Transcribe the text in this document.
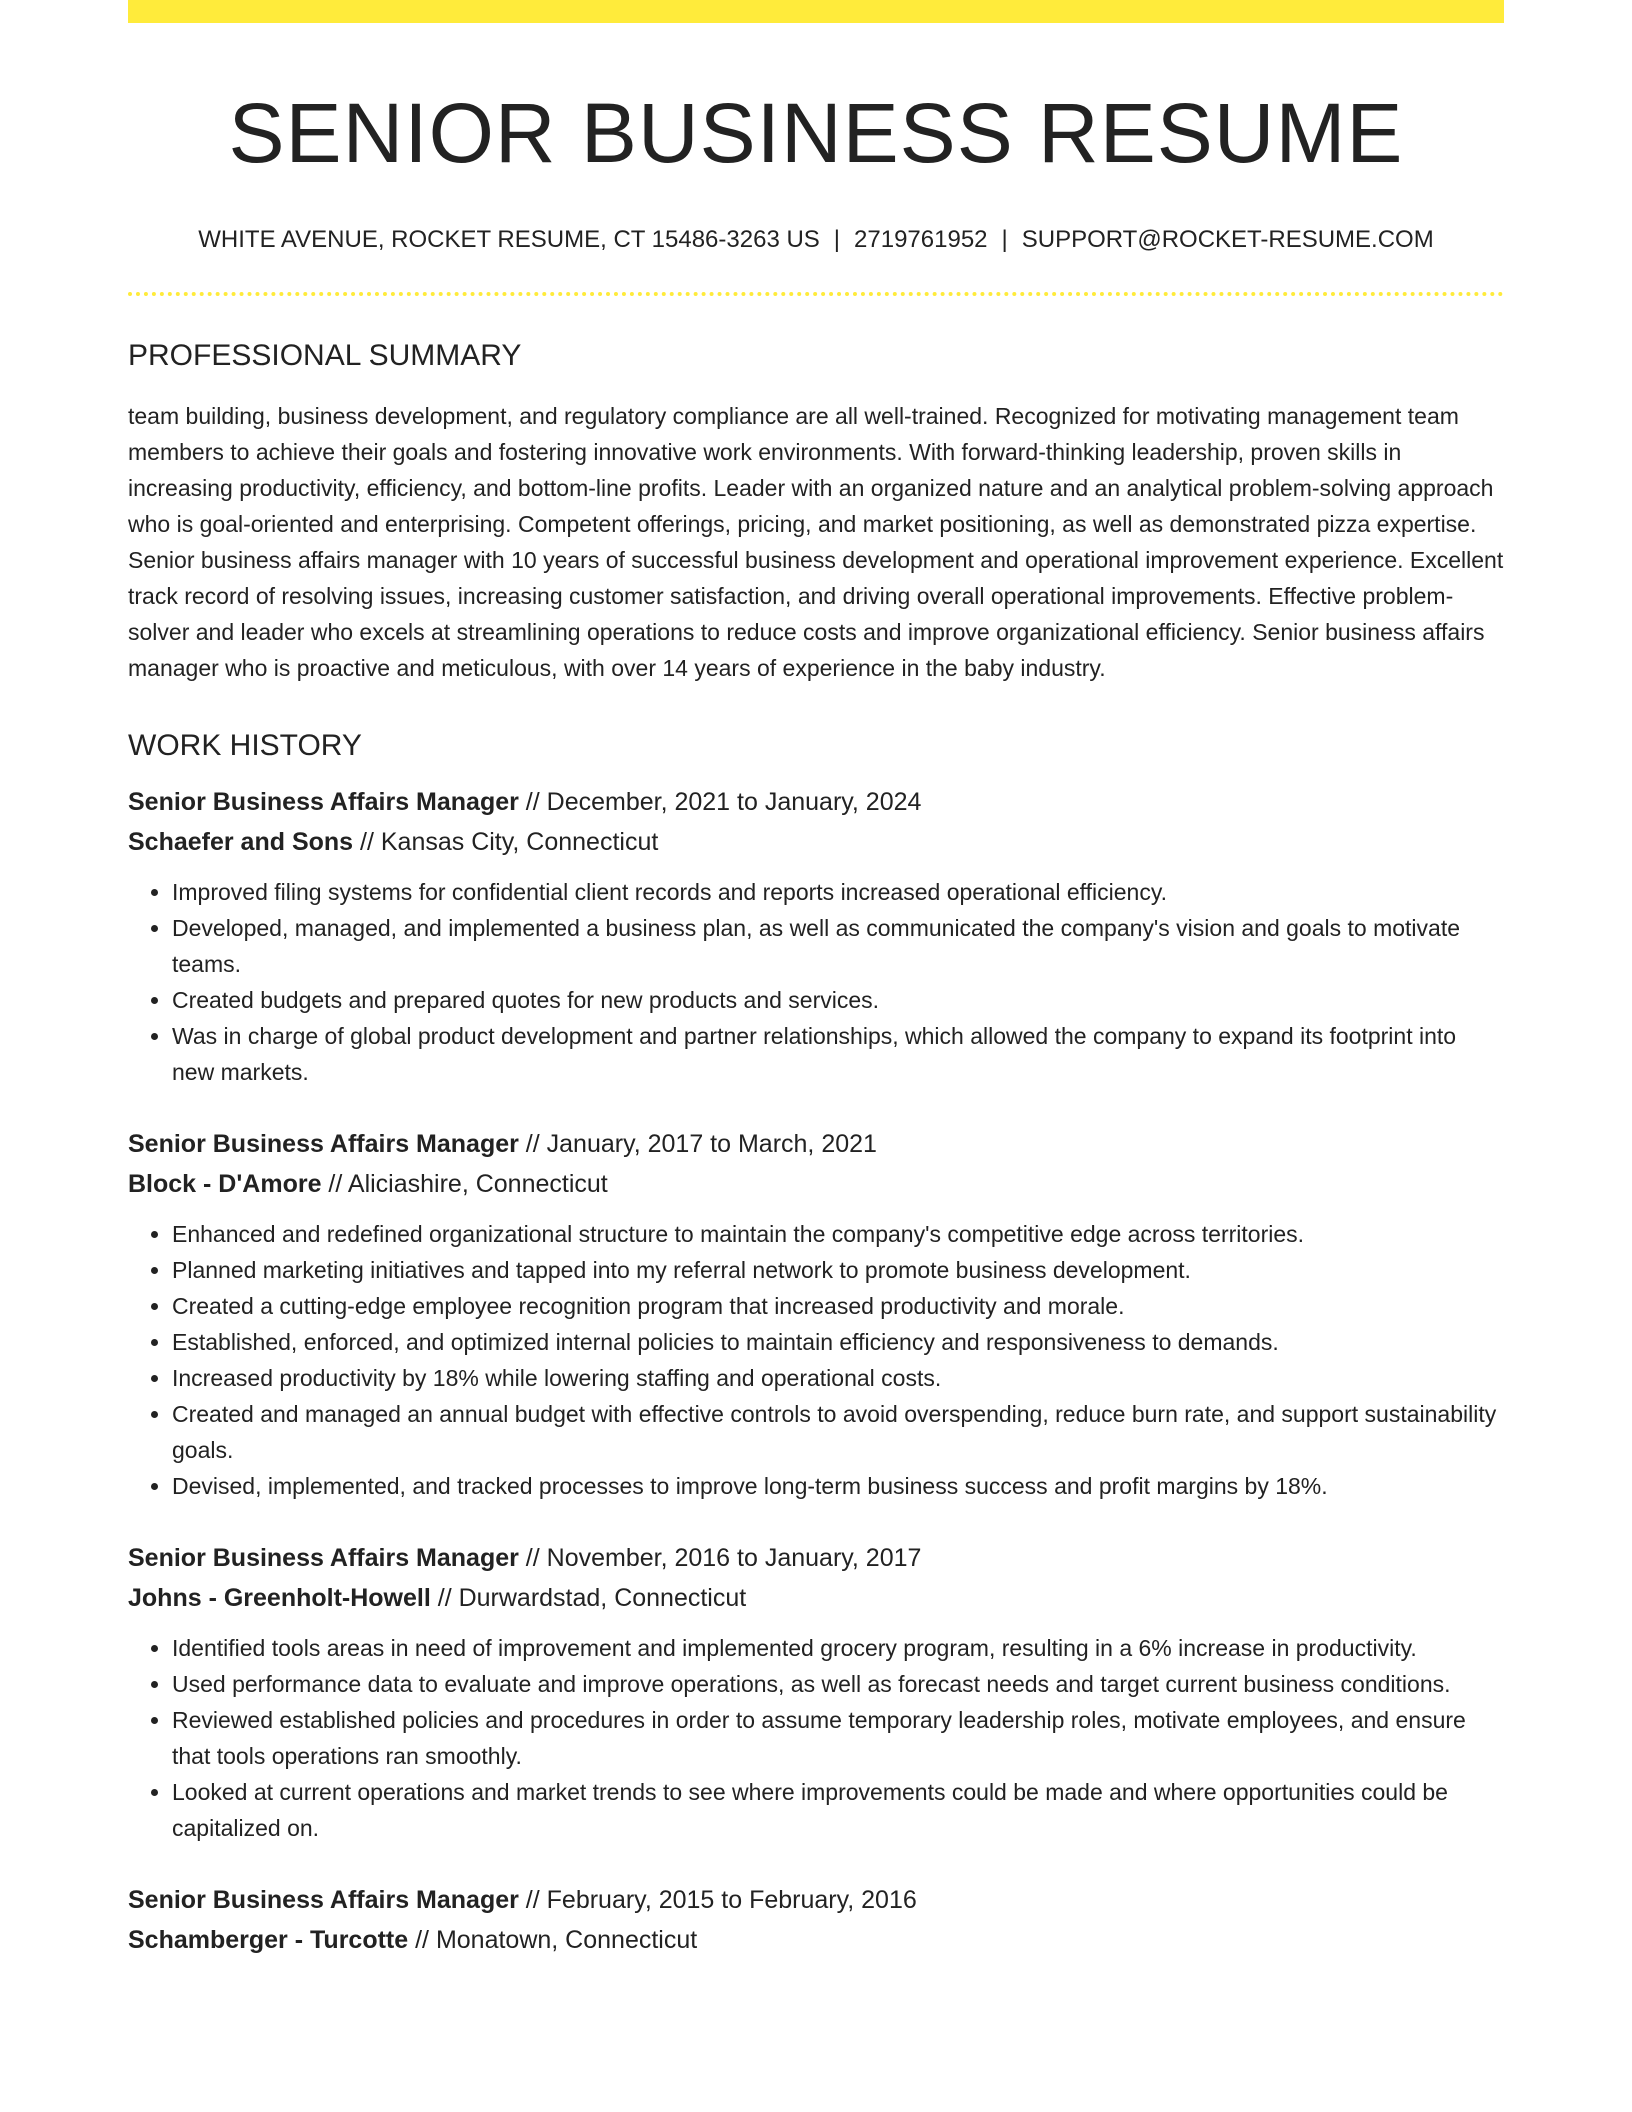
SENIOR BUSINESS RESUME
WHITE AVENUE, ROCKET RESUME, CT 15486-3263 US | 2719761952 | SUPPORT@ROCKET-RESUME.COM
PROFESSIONAL SUMMARY
team building, business development, and regulatory compliance are all well-trained. Recognized for motivating management team members to achieve their goals and fostering innovative work environments. With forward-thinking leadership, proven skills in increasing productivity, efficiency, and bottom-line profits. Leader with an organized nature and an analytical problem-solving approach who is goal-oriented and enterprising. Competent offerings, pricing, and market positioning, as well as demonstrated pizza expertise. Senior business affairs manager with 10 years of successful business development and operational improvement experience. Excellent track record of resolving issues, increasing customer satisfaction, and driving overall operational improvements. Effective problem-solver and leader who excels at streamlining operations to reduce costs and improve organizational efficiency. Senior business affairs manager who is proactive and meticulous, with over 14 years of experience in the baby industry.
WORK HISTORY
Senior Business Affairs Manager // December, 2021 to January, 2024
Schaefer and Sons // Kansas City, Connecticut
• Improved filing systems for confidential client records and reports increased operational efficiency.
• Developed, managed, and implemented a business plan, as well as communicated the company's vision and goals to motivate teams.
• Created budgets and prepared quotes for new products and services.
• Was in charge of global product development and partner relationships, which allowed the company to expand its footprint into new markets.
Senior Business Affairs Manager // January, 2017 to March, 2021
Block - D'Amore // Aliciashire, Connecticut
• Enhanced and redefined organizational structure to maintain the company's competitive edge across territories.
• Planned marketing initiatives and tapped into my referral network to promote business development.
• Created a cutting-edge employee recognition program that increased productivity and morale.
• Established, enforced, and optimized internal policies to maintain efficiency and responsiveness to demands.
• Increased productivity by 18% while lowering staffing and operational costs.
• Created and managed an annual budget with effective controls to avoid overspending, reduce burn rate, and support sustainability goals.
• Devised, implemented, and tracked processes to improve long-term business success and profit margins by 18%.
Senior Business Affairs Manager // November, 2016 to January, 2017
Johns - Greenholt-Howell // Durwardstad, Connecticut
• Identified tools areas in need of improvement and implemented grocery program, resulting in a 6% increase in productivity.
• Used performance data to evaluate and improve operations, as well as forecast needs and target current business conditions.
• Reviewed established policies and procedures in order to assume temporary leadership roles, motivate employees, and ensure that tools operations ran smoothly.
• Looked at current operations and market trends to see where improvements could be made and where opportunities could be capitalized on.
Senior Business Affairs Manager // February, 2015 to February, 2016
Schamberger - Turcotte // Monatown, Connecticut
